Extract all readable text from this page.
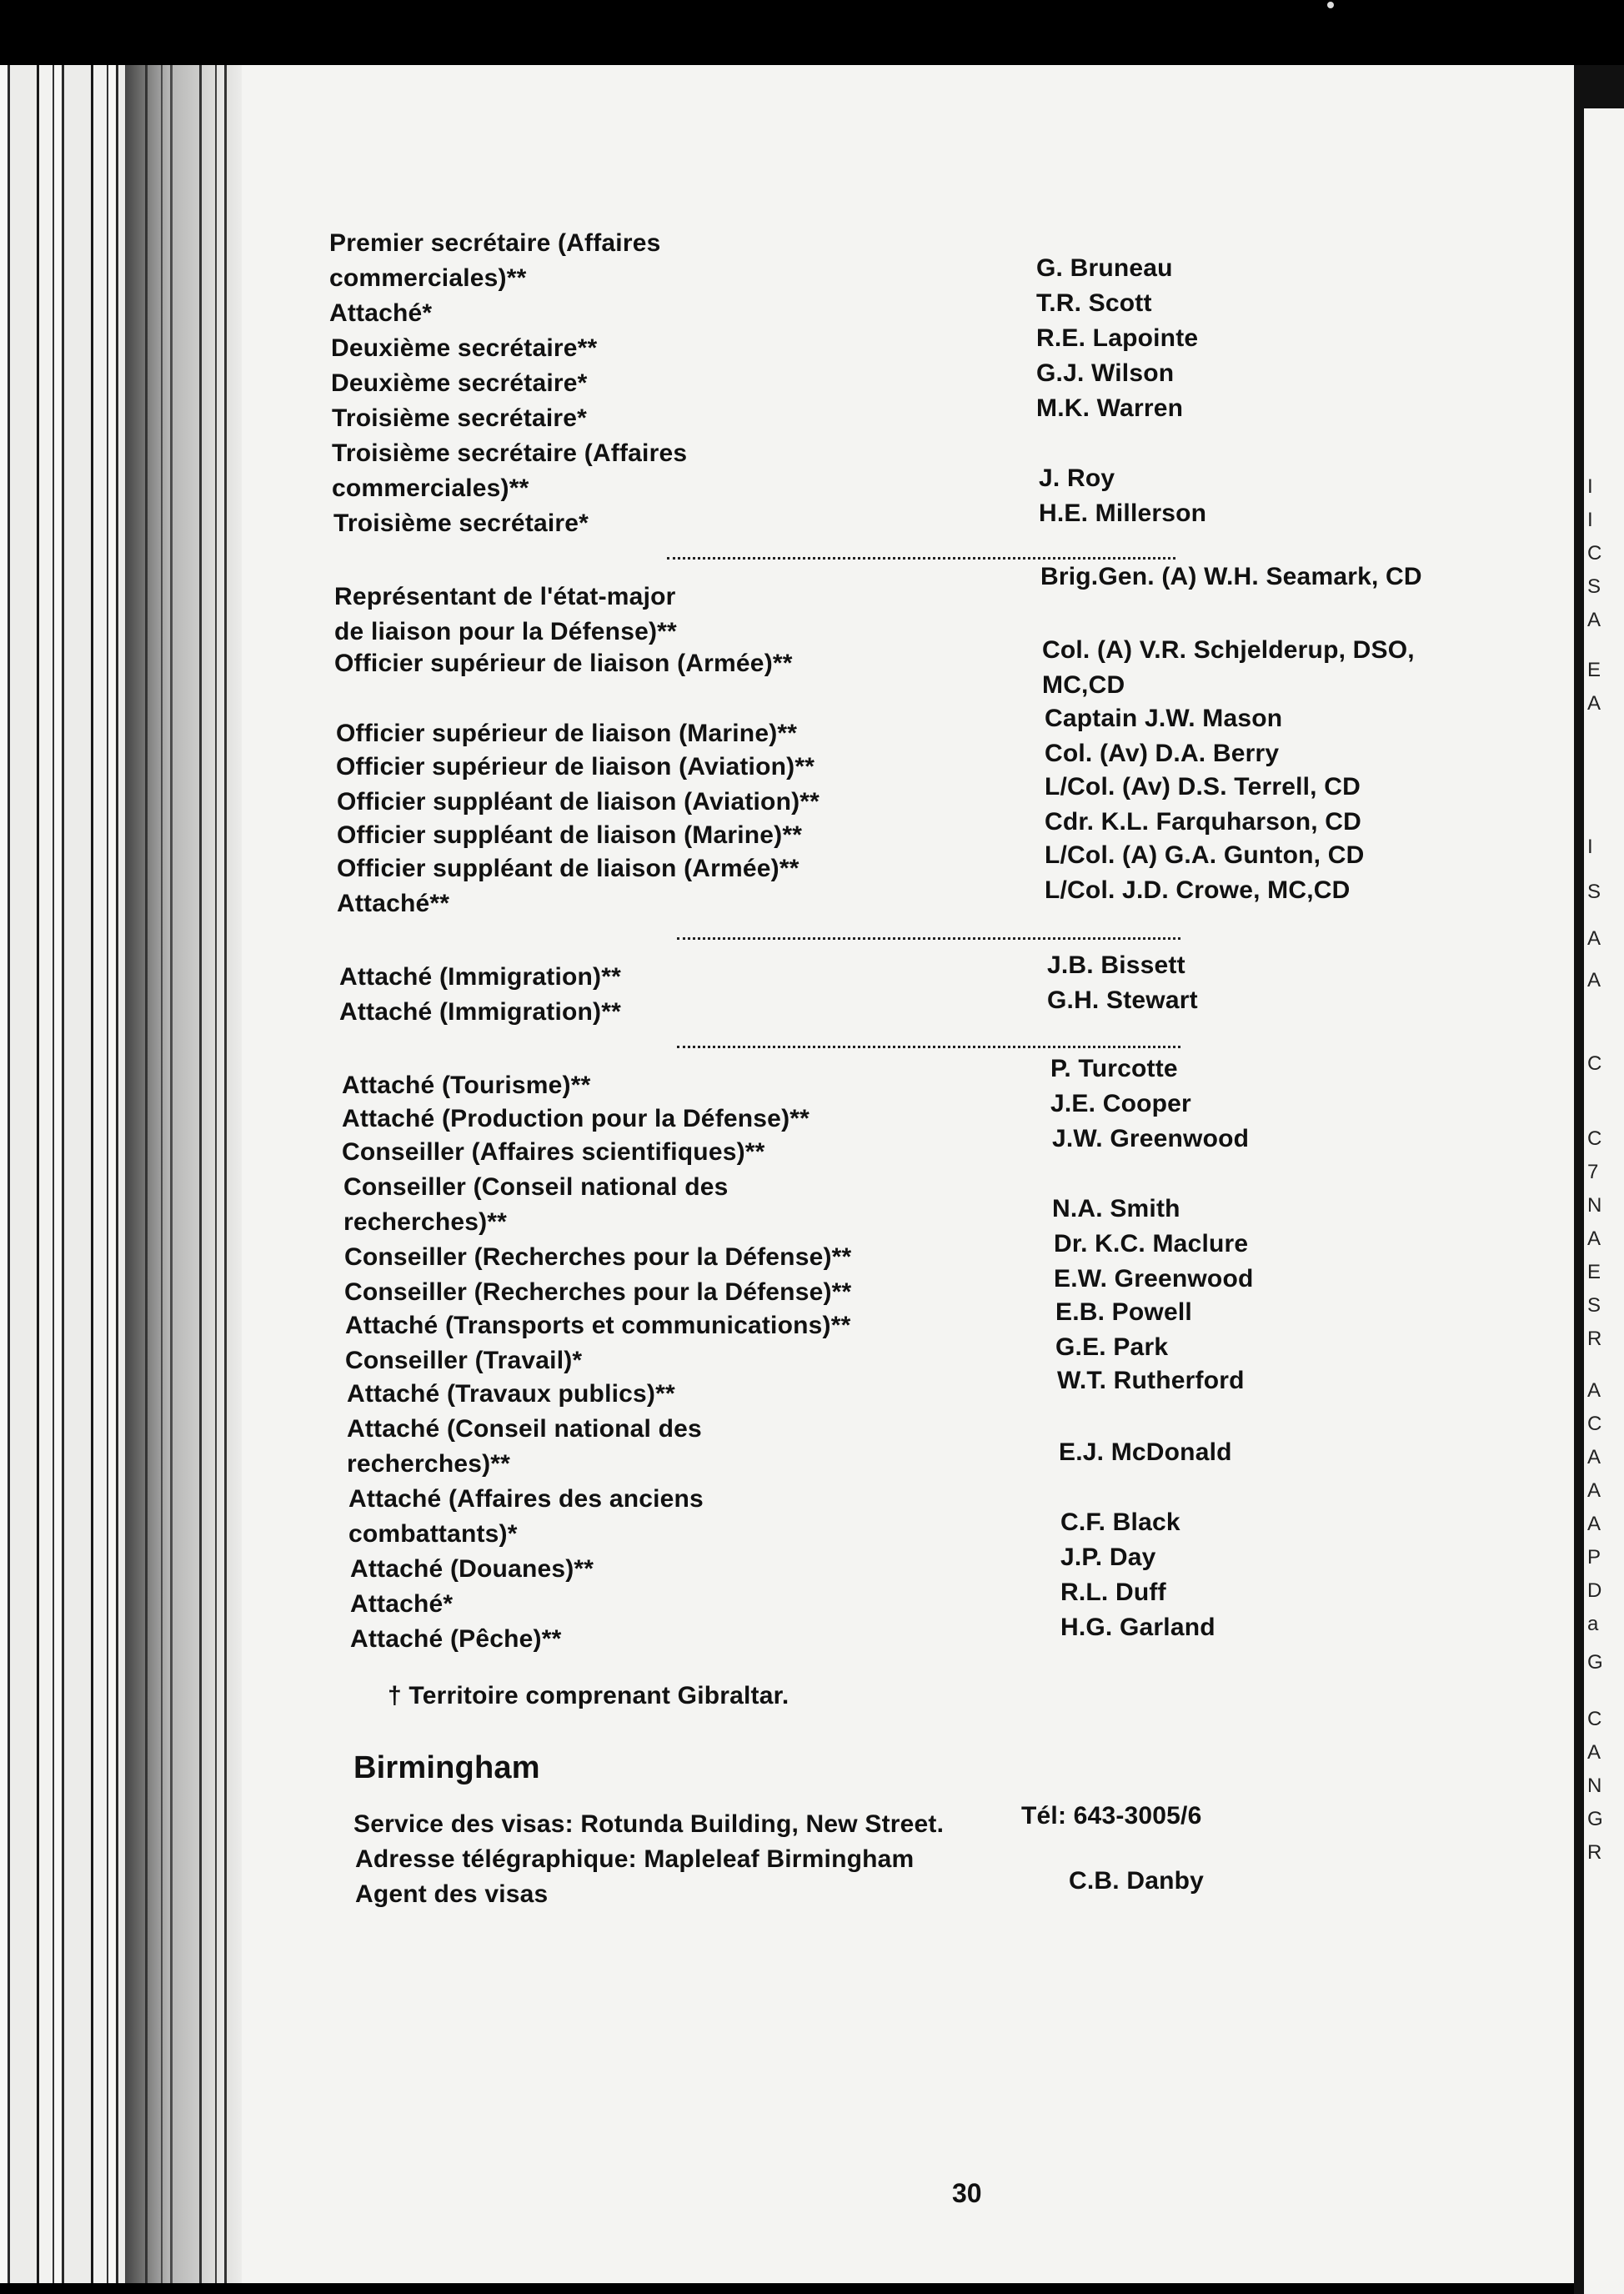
I
I
C
S
A
E
A
I
S
A
A
C
C
7
N
A
E
S
R
A
C
A
A
A
P
D
a
G
C
A
N
G
R
Premier secrétaire (Affaires
commerciales)**
Attaché*
Deuxième secrétaire**
Deuxième secrétaire*
Troisième secrétaire*
Troisième secrétaire (Affaires
commerciales)**
Troisième secrétaire*
G. Bruneau
T.R. Scott
R.E. Lapointe
G.J. Wilson
M.K. Warren
J. Roy
H.E. Millerson
Représentant de l'état-major
de liaison pour la Défense)**
Officier supérieur de liaison (Armée)**
Officier supérieur de liaison (Marine)**
Officier supérieur de liaison (Aviation)**
Officier suppléant de liaison (Aviation)**
Officier suppléant de liaison (Marine)**
Officier suppléant de liaison (Armée)**
Attaché**
Brig.Gen. (A) W.H. Seamark, CD
Col. (A) V.R. Schjelderup, DSO,
MC,CD
Captain J.W. Mason
Col. (Av) D.A. Berry
L/Col. (Av) D.S. Terrell, CD
Cdr. K.L. Farquharson, CD
L/Col. (A) G.A. Gunton, CD
L/Col. J.D. Crowe, MC,CD
Attaché (Immigration)**
Attaché (Immigration)**
J.B. Bissett
G.H. Stewart
Attaché (Tourisme)**
Attaché (Production pour la Défense)**
Conseiller (Affaires scientifiques)**
Conseiller (Conseil national des
recherches)**
Conseiller (Recherches pour la Défense)**
Conseiller (Recherches pour la Défense)**
Attaché (Transports et communications)**
Conseiller (Travail)*
Attaché (Travaux publics)**
Attaché (Conseil national des
recherches)**
Attaché (Affaires des anciens
combattants)*
Attaché (Douanes)**
Attaché*
Attaché (Pêche)**
P. Turcotte
J.E. Cooper
J.W. Greenwood
N.A. Smith
Dr. K.C. Maclure
E.W. Greenwood
E.B. Powell
G.E. Park
W.T. Rutherford
E.J. McDonald
C.F. Black
J.P. Day
R.L. Duff
H.G. Garland
† Territoire comprenant Gibraltar.
Birmingham
Service des visas: Rotunda Building, New Street.	Tél: 643-3005/6
Adresse télégraphique: Mapleleaf Birmingham
Agent des visas	C.B. Danby
30
